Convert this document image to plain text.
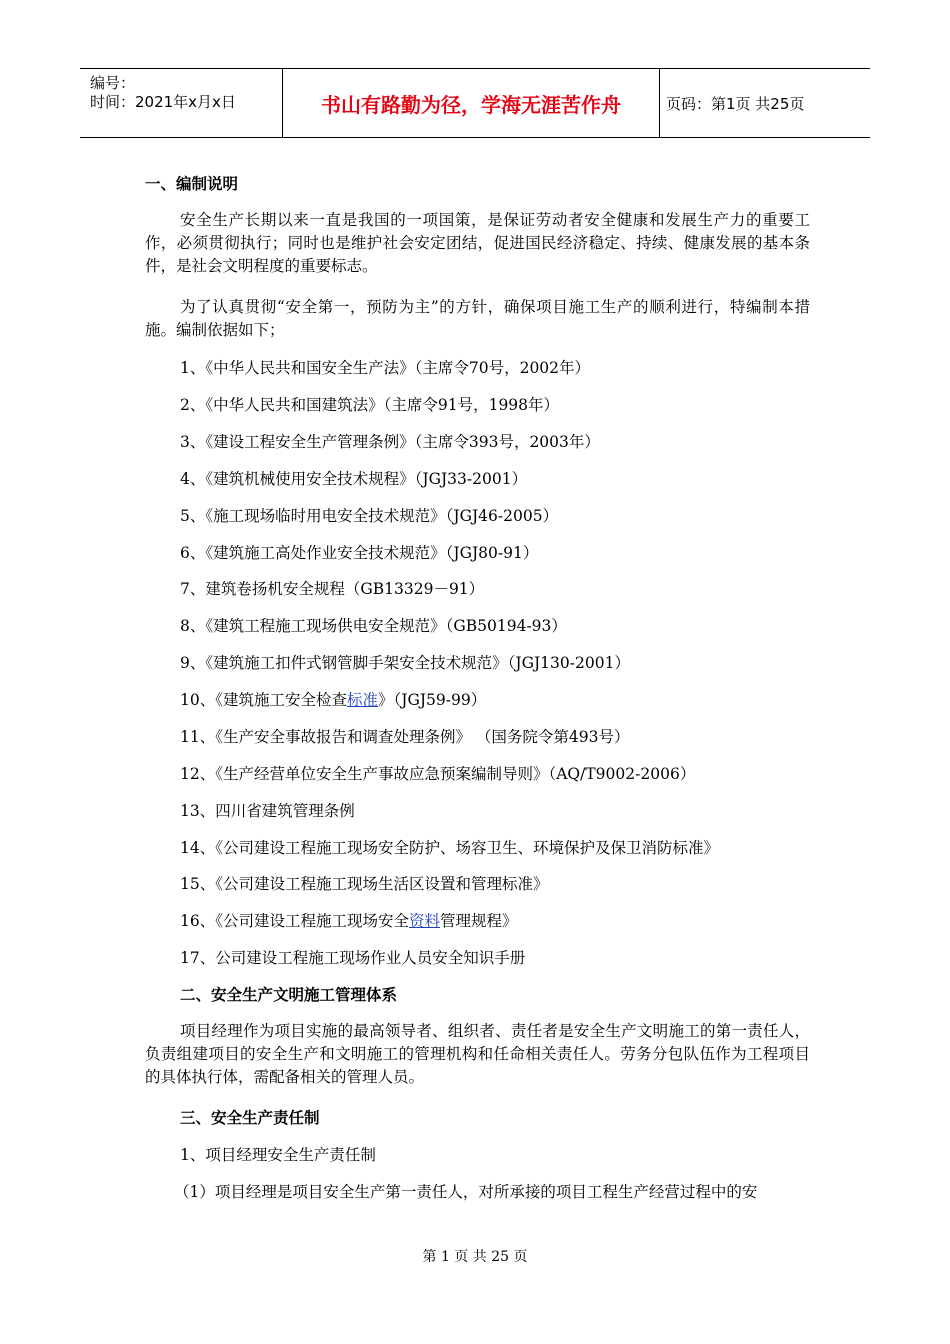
编号：
时间：2021年x月x日	书山有路勤为径，学海无涯苦作舟	页码：第1页 共25页
一、编制说明
安全生产长期以来一直是我国的一项国策，是保证劳动者安全健康和发展生产力的重要工作，必须贯彻执行；同时也是维护社会安定团结，促进国民经济稳定、持续、健康发展的基本条件，是社会文明程度的重要标志。
为了认真贯彻“安全第一，预防为主”的方针，确保项目施工生产的顺利进行，特编制本措施。编制依据如下；
1、《中华人民共和国安全生产法》（主席令70号，2002年）
2、《中华人民共和国建筑法》（主席令91号，1998年）
3、《建设工程安全生产管理条例》（主席令393号，2003年）
4、《建筑机械使用安全技术规程》（JGJ33-2001）
5、《施工现场临时用电安全技术规范》（JGJ46-2005）
6、《建筑施工高处作业安全技术规范》（JGJ80-91）
7、建筑卷扬机安全规程（GB13329－91）
8、《建筑工程施工现场供电安全规范》（GB50194-93）
9、《建筑施工扣件式钢管脚手架安全技术规范》（JGJ130-2001）
10、《建筑施工安全检查标准》（JGJ59-99）
11、《生产安全事故报告和调查处理条例》 （国务院令第493号）
12、《生产经营单位安全生产事故应急预案编制导则》（AQ/T9002-2006）
13、四川省建筑管理条例
14、《公司建设工程施工现场安全防护、场容卫生、环境保护及保卫消防标准》
15、《公司建设工程施工现场生活区设置和管理标准》
16、《公司建设工程施工现场安全资料管理规程》
17、公司建设工程施工现场作业人员安全知识手册
二、安全生产文明施工管理体系
项目经理作为项目实施的最高领导者、组织者、责任者是安全生产文明施工的第一责任人，负责组建项目的安全生产和文明施工的管理机构和任命相关责任人。劳务分包队伍作为工程项目的具体执行体，需配备相关的管理人员。
三、安全生产责任制
1、项目经理安全生产责任制
（1）项目经理是项目安全生产第一责任人，对所承接的项目工程生产经营过程中的安
第 1 页 共 25 页
